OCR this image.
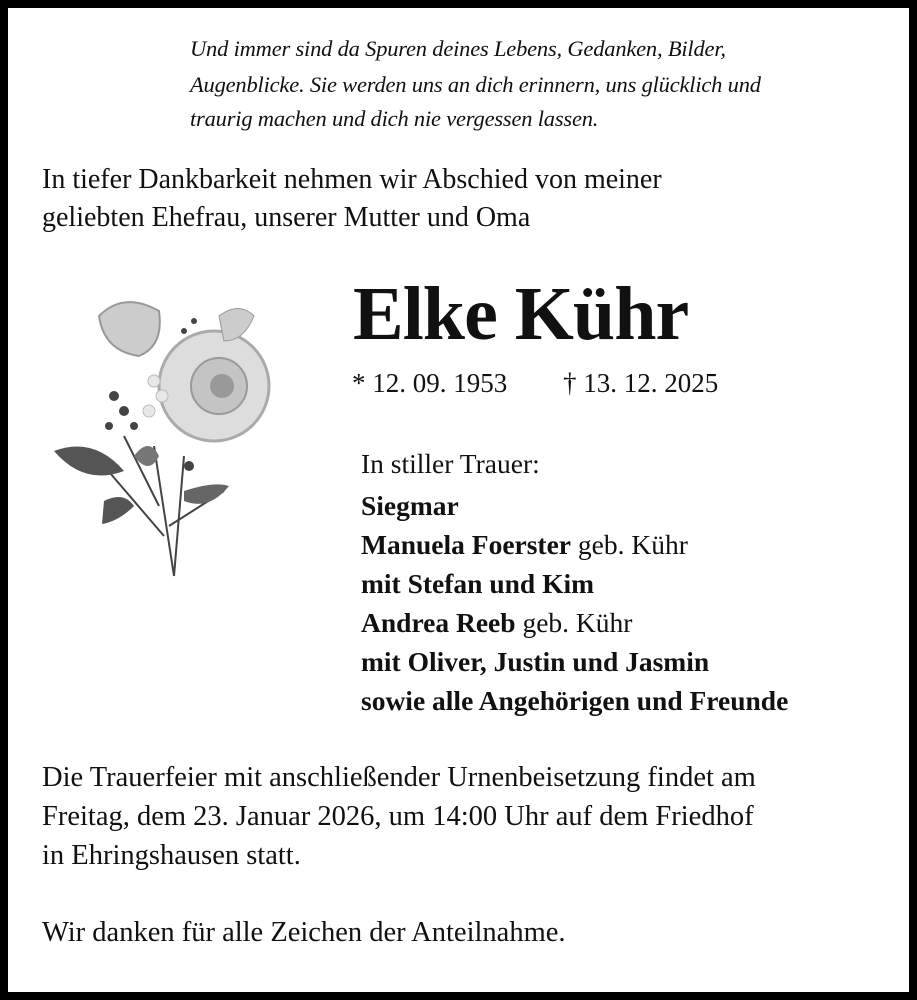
Und immer sind da Spuren deines Lebens, Gedanken, Bilder,
Augenblicke. Sie werden uns an dich erinnern, uns glücklich und
traurig machen und dich nie vergessen lassen.
In tiefer Dankbarkeit nehmen wir Abschied von meiner
geliebten Ehefrau, unserer Mutter und Oma
Elke Kühr
* 12. 09. 1953 † 13. 12. 2025
In stiller Trauer:
Siegmar
Manuela Foerster geb. Kühr
mit Stefan und Kim
Andrea Reeb geb. Kühr
mit Oliver, Justin und Jasmin
sowie alle Angehörigen und Freunde
Die Trauerfeier mit anschließender Urnenbeisetzung findet am
Freitag, dem 23. Januar 2026, um 14:00 Uhr auf dem Friedhof
in Ehringshausen statt.
Wir danken für alle Zeichen der Anteilnahme.
